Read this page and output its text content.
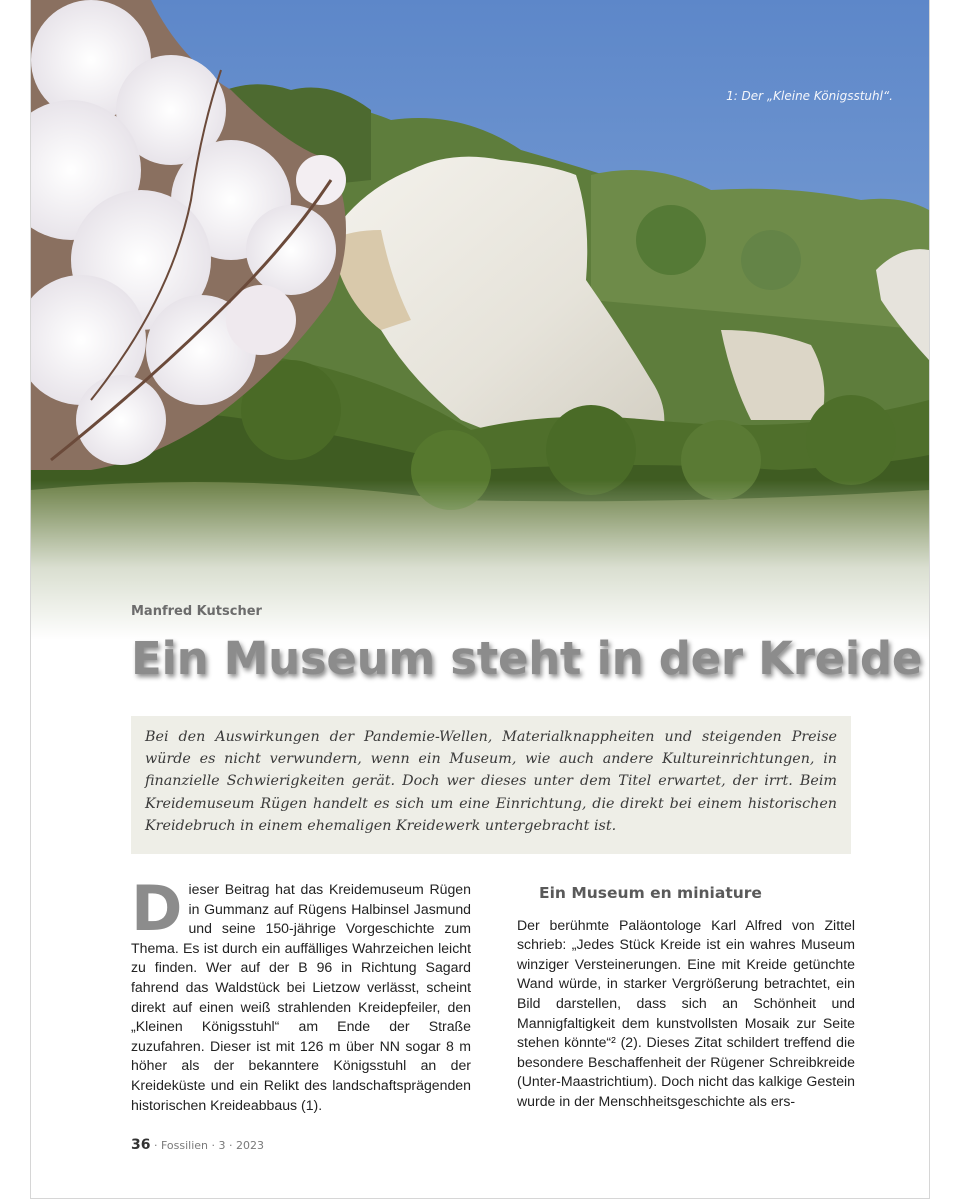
1: Der „Kleine Königsstuhl“.
Manfred Kutscher
Ein Museum steht in der Kreide
Bei den Auswirkungen der Pandemie-Wellen, Materialknappheiten und steigenden Preise würde es nicht verwundern, wenn ein Museum, wie auch andere Kultureinrichtungen, in finanzielle Schwierigkeiten gerät. Doch wer dieses unter dem Titel erwartet, der irrt. Beim Kreidemuseum Rügen handelt es sich um eine Einrichtung, die direkt bei einem historischen Kreidebruch in einem ehemaligen Kreidewerk untergebracht ist.
D ieser Beitrag hat das Kreidemuseum Rügen in Gummanz auf Rügens Halbinsel Jasmund und seine 150-jährige Vorgeschichte zum Thema. Es ist durch ein auffälliges Wahrzeichen leicht zu finden. Wer auf der B 96 in Richtung Sagard fahrend das Waldstück bei Lietzow verlässt, scheint direkt auf einen weiß strahlenden Kreidepfeiler, den „Kleinen Königsstuhl“ am Ende der Straße zuzufahren. Dieser ist mit 126 m über NN sogar 8 m höher als der bekanntere Königsstuhl an der Kreideküste und ein Relikt des landschaftsprägenden historischen Kreideabbaus (1).
Ein Museum en miniature
Der berühmte Paläontologe Karl Alfred von Zittel schrieb: „Jedes Stück Kreide ist ein wahres Museum winziger Versteinerungen. Eine mit Kreide getünchte Wand würde, in starker Vergrößerung betrachtet, ein Bild darstellen, dass sich an Schönheit und Mannigfaltigkeit dem kunstvollsten Mosaik zur Seite stehen könnte“² (2). Dieses Zitat schildert treffend die besondere Beschaffenheit der Rügener Schreibkreide (Unter-Maastrichtium). Doch nicht das kalkige Gestein wurde in der Menschheitsgeschichte als ers-
36 · Fossilien · 3 · 2023
